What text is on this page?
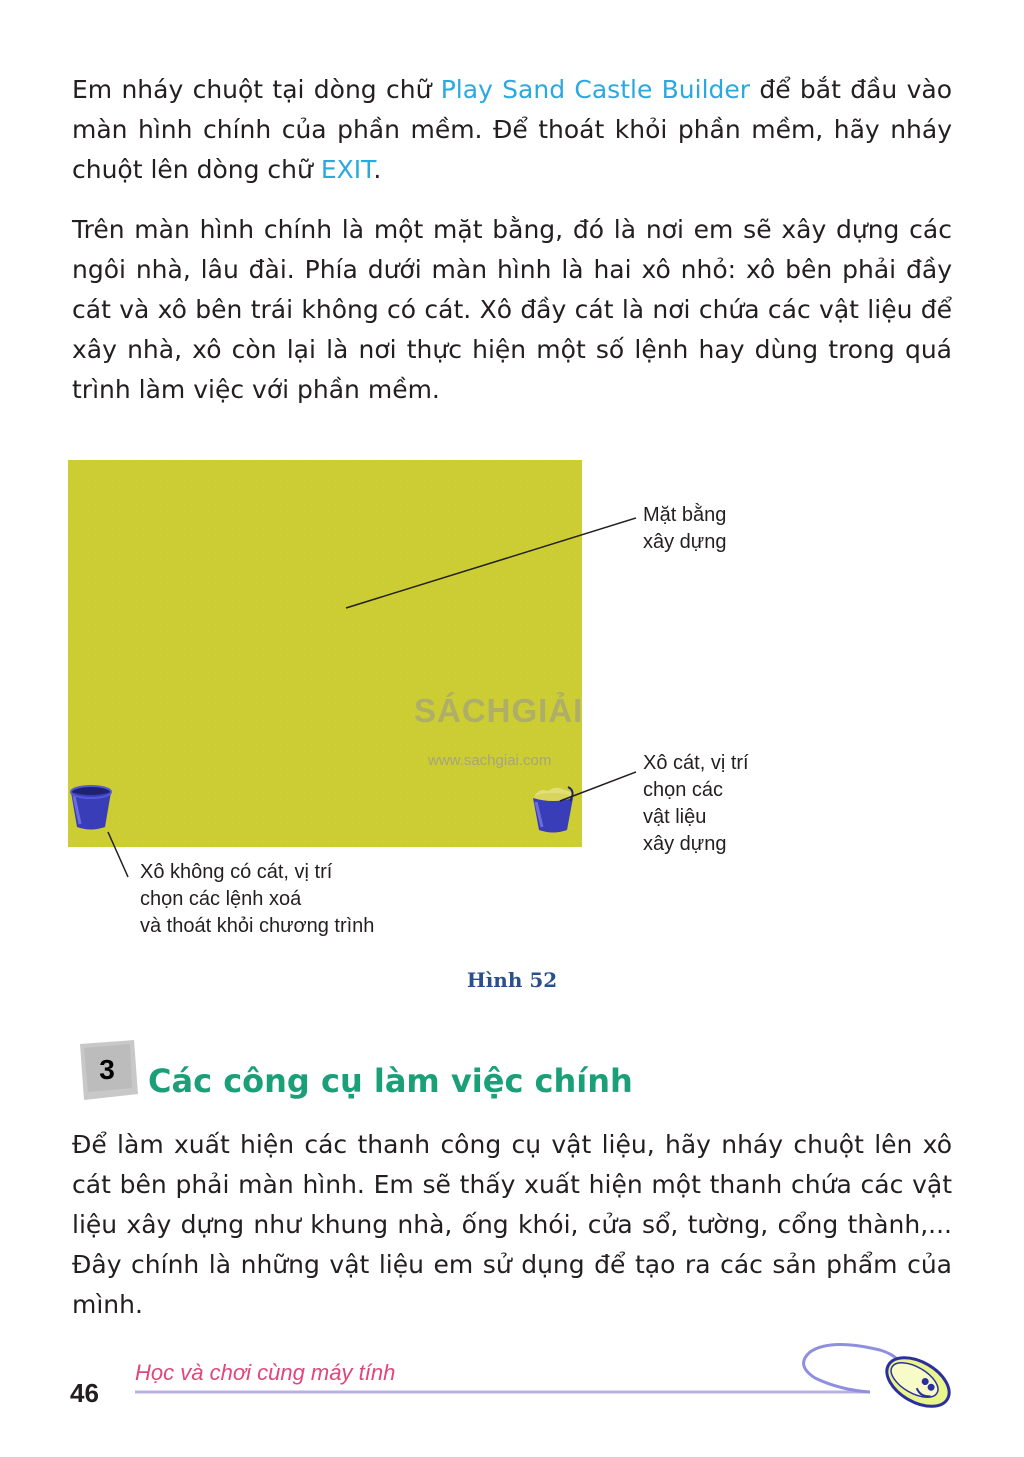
Em nháy chuột tại dòng chữ Play Sand Castle Builder để bắt đầu vào màn hình chính của phần mềm. Để thoát khỏi phần mềm, hãy nháy chuột lên dòng chữ EXIT.

Trên màn hình chính là một mặt bằng, đó là nơi em sẽ xây dựng các ngôi nhà, lâu đài. Phía dưới màn hình là hai xô nhỏ: xô bên phải đầy cát và xô bên trái không có cát. Xô đầy cát là nơi chứa các vật liệu để xây nhà, xô còn lại là nơi thực hiện một số lệnh hay dùng trong quá trình làm việc với phần mềm.

Mặt bằng
xây dựng
Xô cát, vị trí
chọn các
vật liệu
xây dựng
Xô không có cát, vị trí
chọn các lệnh xoá
và thoát khỏi chương trình
SÁCHGIẢI
www.sachgiai.com
Hình 52
3 Các công cụ làm việc chính

Để làm xuất hiện các thanh công cụ vật liệu, hãy nháy chuột lên xô cát bên phải màn hình. Em sẽ thấy xuất hiện một thanh chứa các vật liệu xây dựng như khung nhà, ống khói, cửa sổ, tường, cổng thành,... Đây chính là những vật liệu em sử dụng để tạo ra các sản phẩm của mình.

46
Học và chơi cùng máy tính
